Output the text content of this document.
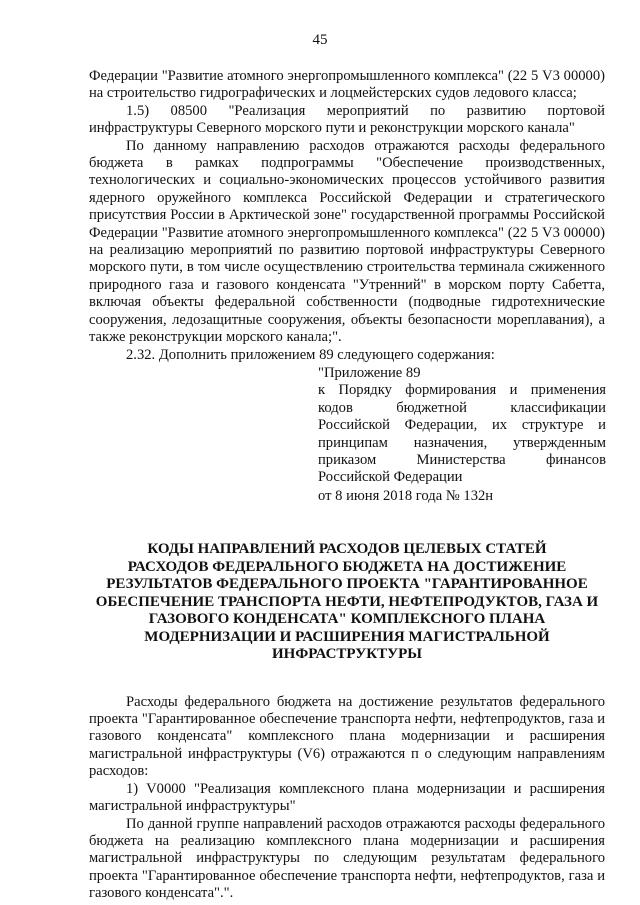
45

Федерации "Развитие атомного энергопромышленного комплекса" (22 5 V3 00000) на строительство гидрографических и лоцмейстерских судов ледового класса;

1.5) 08500 "Реализация мероприятий по развитию портовой инфраструктуры Северного морского пути и реконструкции морского канала"

По данному направлению расходов отражаются расходы федерального бюджета в рамках подпрограммы "Обеспечение производственных, технологических и социально-экономических процессов устойчивого развития ядерного оружейного комплекса Российской Федерации и стратегического присутствия России в Арктической зоне" государственной программы Российской Федерации "Развитие атомного энергопромышленного комплекса" (22 5 V3 00000) на реализацию мероприятий по развитию портовой инфраструктуры Северного морского пути, в том числе осуществлению строительства терминала сжиженного природного газа и газового конденсата "Утренний" в морском порту Сабетта, включая объекты федеральной собственности (подводные гидротехнические сооружения, ледозащитные сооружения, объекты безопасности мореплавания), а также реконструкции морского канала;".

2.32. Дополнить приложением 89 следующего содержания:

"Приложение 89
к Порядку формирования и применения
кодов бюджетной классификации
Российской Федерации, их структуре и
принципам назначения, утвержденным
приказом Министерства финансов
Российской Федерации
от 8 июня 2018 года № 132н
КОДЫ НАПРАВЛЕНИЙ РАСХОДОВ ЦЕЛЕВЫХ СТАТЕЙ
РАСХОДОВ ФЕДЕРАЛЬНОГО БЮДЖЕТА НА ДОСТИЖЕНИЕ
РЕЗУЛЬТАТОВ ФЕДЕРАЛЬНОГО ПРОЕКТА "ГАРАНТИРОВАННОЕ
ОБЕСПЕЧЕНИЕ ТРАНСПОРТА НЕФТИ, НЕФТЕПРОДУКТОВ, ГАЗА И
ГАЗОВОГО КОНДЕНСАТА" КОМПЛЕКСНОГО ПЛАНА
МОДЕРНИЗАЦИИ И РАСШИРЕНИЯ МАГИСТРАЛЬНОЙ
ИНФРАСТРУКТУРЫ

Расходы федерального бюджета на достижение результатов федерального проекта "Гарантированное обеспечение транспорта нефти, нефтепродуктов, газа и газового конденсата" комплексного плана модернизации и расширения магистральной инфраструктуры (V6) отражаются п о следующим направлениям расходов:

1) V0000 "Реализация комплексного плана модернизации и расширения магистральной инфраструктуры"

По данной группе направлений расходов отражаются расходы федерального бюджета на реализацию комплексного плана модернизации и расширения магистральной инфраструктуры по следующим результатам федерального проекта "Гарантированное обеспечение транспорта нефти, нефтепродуктов, газа и газового конденсата".".
